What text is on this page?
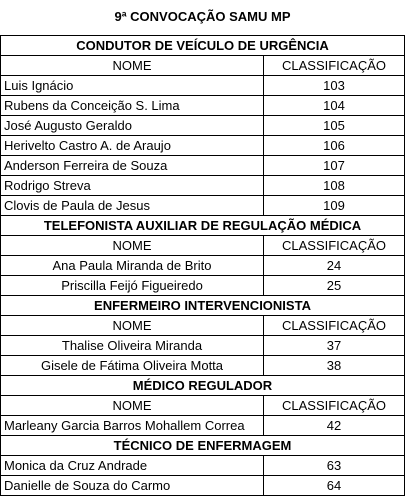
9ª CONVOCAÇÃO SAMU MP
CONDUTOR DE VEÍCULO DE URGÊNCIA	
NOME	CLASSIFICAÇÃO
Luis Ignácio	103
Rubens da Conceição S. Lima	104
José Augusto Geraldo	105
Herivelto Castro A. de Araujo	106
Anderson Ferreira de Souza	107
Rodrigo Streva	108
Clovis de Paula de Jesus	109
TELEFONISTA AUXILIAR DE REGULAÇÃO MÉDICA	
NOME	CLASSIFICAÇÃO
Ana Paula Miranda de Brito	24
Priscilla Feijó Figueiredo	25
ENFERMEIRO INTERVENCIONISTA	
NOME	CLASSIFICAÇÃO
Thalise Oliveira Miranda	37
Gisele de Fátima Oliveira Motta	38
MÉDICO REGULADOR	
NOME	CLASSIFICAÇÃO
Marleany Garcia Barros Mohallem Correa	42
TÉCNICO DE ENFERMAGEM	
Monica da Cruz Andrade	63
Danielle de Souza do Carmo	64
